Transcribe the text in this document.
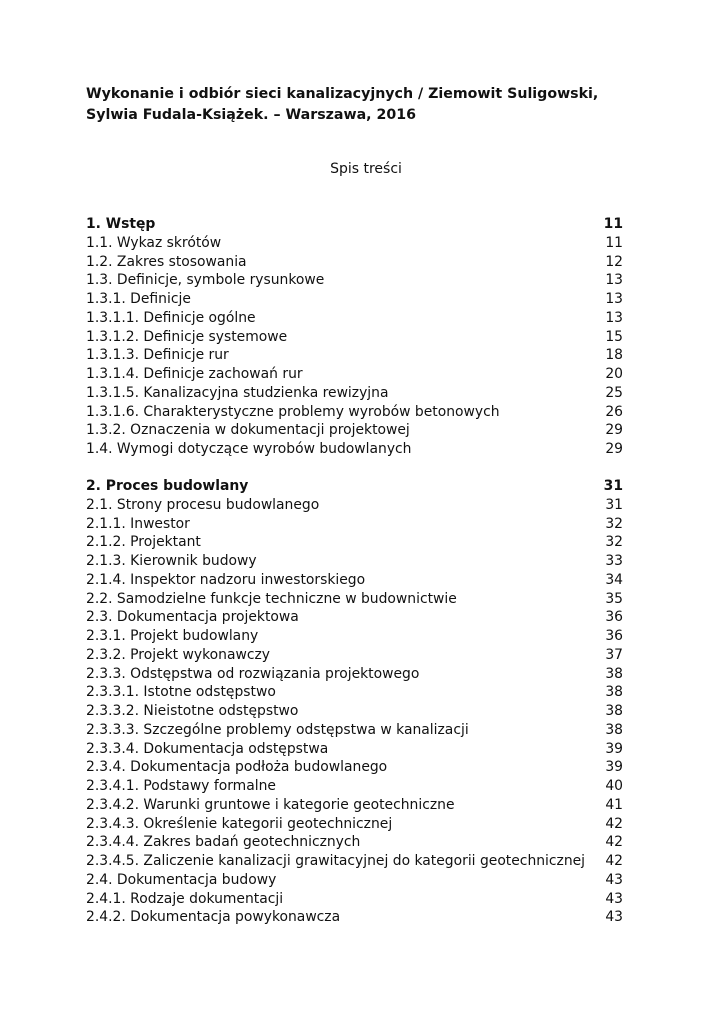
Wykonanie i odbiór sieci kanalizacyjnych / Ziemowit Suligowski, Sylwia Fudala-Książek. – Warszawa, 2016
Spis treści
1. Wstęp	11
1.1. Wykaz skrótów	11
1.2. Zakres stosowania	12
1.3. Definicje, symbole rysunkowe	13
1.3.1. Definicje	13
1.3.1.1. Definicje ogólne	13
1.3.1.2. Definicje systemowe	15
1.3.1.3. Definicje rur	18
1.3.1.4. Definicje zachowań rur	20
1.3.1.5. Kanalizacyjna studzienka rewizyjna	25
1.3.1.6. Charakterystyczne problemy wyrobów betonowych	26
1.3.2. Oznaczenia w dokumentacji projektowej	29
1.4. Wymogi dotyczące wyrobów budowlanych	29
2. Proces budowlany	31
2.1. Strony procesu budowlanego	31
2.1.1. Inwestor	32
2.1.2. Projektant	32
2.1.3. Kierownik budowy	33
2.1.4. Inspektor nadzoru inwestorskiego	34
2.2. Samodzielne funkcje techniczne w budownictwie	35
2.3. Dokumentacja projektowa	36
2.3.1. Projekt budowlany	36
2.3.2. Projekt wykonawczy	37
2.3.3. Odstępstwa od rozwiązania projektowego	38
2.3.3.1. Istotne odstępstwo	38
2.3.3.2. Nieistotne odstępstwo	38
2.3.3.3. Szczególne problemy odstępstwa w kanalizacji	38
2.3.3.4. Dokumentacja odstępstwa	39
2.3.4. Dokumentacja podłoża budowlanego	39
2.3.4.1. Podstawy formalne	40
2.3.4.2. Warunki gruntowe i kategorie geotechniczne	41
2.3.4.3. Określenie kategorii geotechnicznej	42
2.3.4.4. Zakres badań geotechnicznych	42
2.3.4.5. Zaliczenie kanalizacji grawitacyjnej do kategorii geotechnicznej	42
2.4. Dokumentacja budowy	43
2.4.1. Rodzaje dokumentacji	43
2.4.2. Dokumentacja powykonawcza	43
